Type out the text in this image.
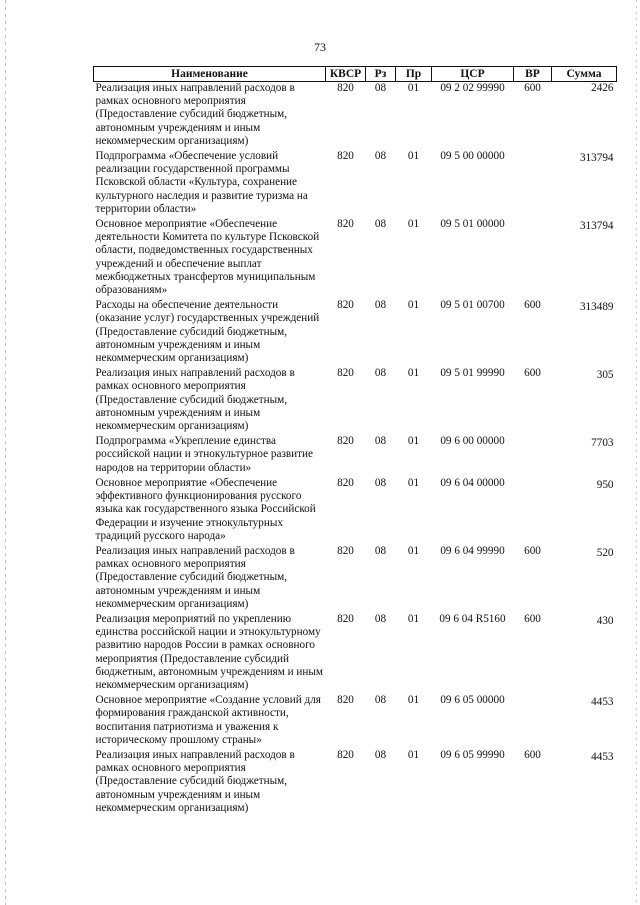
73
Наименование	КВСР	Рз	Пр	ЦСР	ВР	Сумма
Реализация иных направлений расходов в рамках основного мероприятия (Предоставление субсидий бюджетным, автономным учреждениям и иным некоммерческим организациям)	820	08	01	09 2 02 99990	600	2426
Подпрограмма «Обеспечение условий реализации государственной программы Псковской области «Культура, сохранение культурного наследия и развитие туризма на территории области»	820	08	01	09 5 00 00000		313794
Основное мероприятие «Обеспечение деятельности Комитета по культуре Псковской области, подведомственных государственных учреждений и обеспечение выплат межбюджетных трансфертов муниципальным образованиям»	820	08	01	09 5 01 00000		313794
Расходы на обеспечение деятельности (оказание услуг) государственных учреждений (Предоставление субсидий бюджетным, автономным учреждениям и иным некоммерческим организациям)	820	08	01	09 5 01 00700	600	313489
Реализация иных направлений расходов в рамках основного мероприятия (Предоставление субсидий бюджетным, автономным учреждениям и иным некоммерческим организациям)	820	08	01	09 5 01 99990	600	305
Подпрограмма «Укрепление единства российской нации и этнокультурное развитие народов на территории области»	820	08	01	09 6 00 00000		7703
Основное мероприятие «Обеспечение эффективного функционирования русского языка как государственного языка Российской Федерации и изучение этнокультурных традиций русского народа»	820	08	01	09 6 04 00000		950
Реализация иных направлений расходов в рамках основного мероприятия (Предоставление субсидий бюджетным, автономным учреждениям и иным некоммерческим организациям)	820	08	01	09 6 04 99990	600	520
Реализация мероприятий по укреплению единства российской нации и этнокультурному развитию народов России в рамках основного мероприятия (Предоставление субсидий бюджетным, автономным учреждениям и иным некоммерческим организациям)	820	08	01	09 6 04 R5160	600	430
Основное мероприятие «Создание условий для формирования гражданской активности, воспитания патриотизма и уважения к историческому прошлому страны»	820	08	01	09 6 05 00000		4453
Реализация иных направлений расходов в рамках основного мероприятия (Предоставление субсидий бюджетным, автономным учреждениям и иным некоммерческим организациям)	820	08	01	09 6 05 99990	600	4453
